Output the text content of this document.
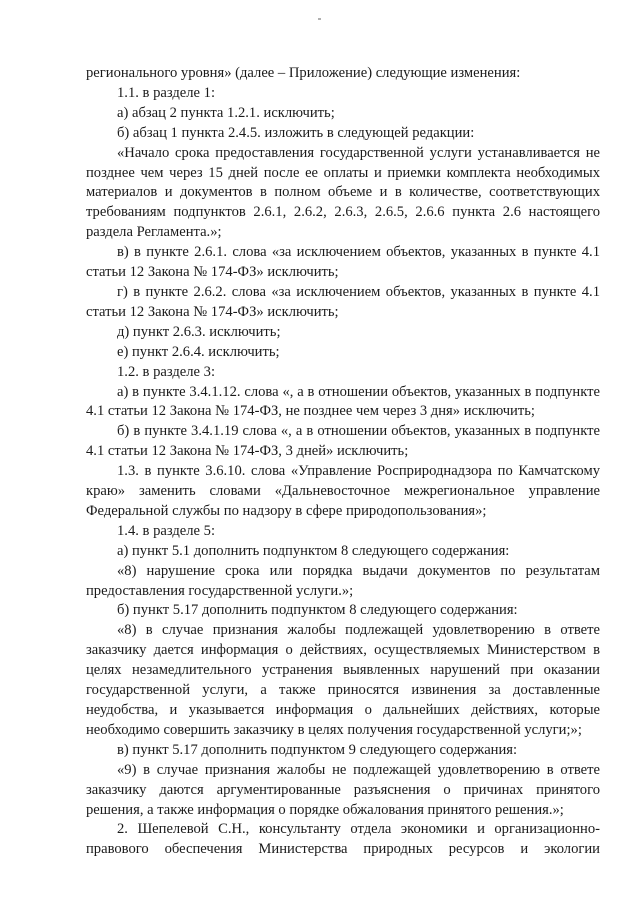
регионального уровня» (далее – Приложение) следующие изменения:

1.1. в разделе 1:

а) абзац 2 пункта 1.2.1. исключить;

б) абзац 1 пункта 2.4.5. изложить в следующей редакции:

«Начало срока предоставления государственной услуги устанавливается не позднее чем через 15 дней после ее оплаты и приемки комплекта необходимых материалов и документов в полном объеме и в количестве, соответствующих требованиям подпунктов 2.6.1, 2.6.2, 2.6.3, 2.6.5, 2.6.6 пункта 2.6 настоящего раздела Регламента.»;

в) в пункте 2.6.1. слова «за исключением объектов, указанных в пункте 4.1 статьи 12 Закона № 174-ФЗ» исключить;

г) в пункте 2.6.2. слова «за исключением объектов, указанных в пункте 4.1 статьи 12 Закона № 174-ФЗ» исключить;

д) пункт 2.6.3. исключить;

е) пункт 2.6.4. исключить;

1.2. в разделе 3:

а) в пункте 3.4.1.12. слова «, а в отношении объектов, указанных в подпункте 4.1 статьи 12 Закона № 174-ФЗ, не позднее чем через 3 дня» исключить;

б) в пункте 3.4.1.19 слова «, а в отношении объектов, указанных в подпункте 4.1 статьи 12 Закона № 174-ФЗ, 3 дней» исключить;

1.3. в пункте 3.6.10. слова «Управление Росприроднадзора по Камчатскому краю» заменить словами «Дальневосточное межрегиональное управление Федеральной службы по надзору в сфере природопользования»;

1.4. в разделе 5:

а) пункт 5.1 дополнить подпунктом 8 следующего содержания:

«8) нарушение срока или порядка выдачи документов по результатам предоставления государственной услуги.»;

б) пункт 5.17 дополнить подпунктом 8 следующего содержания:

«8) в случае признания жалобы подлежащей удовлетворению в ответе заказчику дается информация о действиях, осуществляемых Министерством в целях незамедлительного устранения выявленных нарушений при оказании государственной услуги, а также приносятся извинения за доставленные неудобства, и указывается информация о дальнейших действиях, которые необходимо совершить заказчику в целях получения государственной услуги;»;

в) пункт 5.17 дополнить подпунктом 9 следующего содержания:

«9) в случае признания жалобы не подлежащей удовлетворению в ответе заказчику даются аргументированные разъяснения о причинах принятого решения, а также информация о порядке обжалования принятого решения.»;

2. Шепелевой С.Н., консультанту отдела экономики и организационно-правового обеспечения Министерства природных ресурсов и экологии
